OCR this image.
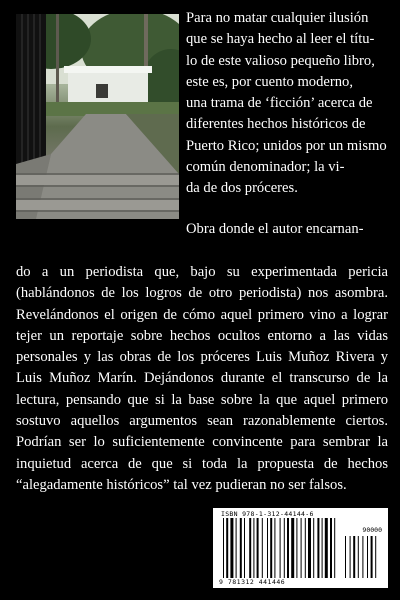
Para no matar cualquier ilusión
que se haya hecho al leer el títu-
lo de este valioso pequeño libro,
este es, por cuento moderno,
una trama de ‘ficción’ acerca de
diferentes hechos históricos de
Puerto Rico; unidos por un mismo
común denominador; la vi-
da de dos próceres.

Obra donde el autor encarnan-

do a un periodista que, bajo su experimentada pericia (hablándonos de los logros de otro periodista) nos asombra. Revelándonos el origen de cómo aquel primero vino a lograr tejer un reportaje sobre hechos ocultos entorno a las vidas personales y las obras de los próceres Luis Muñoz Rivera y Luis Muñoz Marín. Dejándonos durante el transcurso de la lectura, pensando que si la base sobre la que aquel primero sostuvo aquellos argumentos sean razonablemente ciertos. Podrían ser lo suficientemente convincente para sembrar la inquietud acerca de que si toda la propuesta de hechos “alegadamente históricos” tal vez pudieran no ser falsos.

ISBN 978-1-312-44144-6
90000
9 781312 441446
